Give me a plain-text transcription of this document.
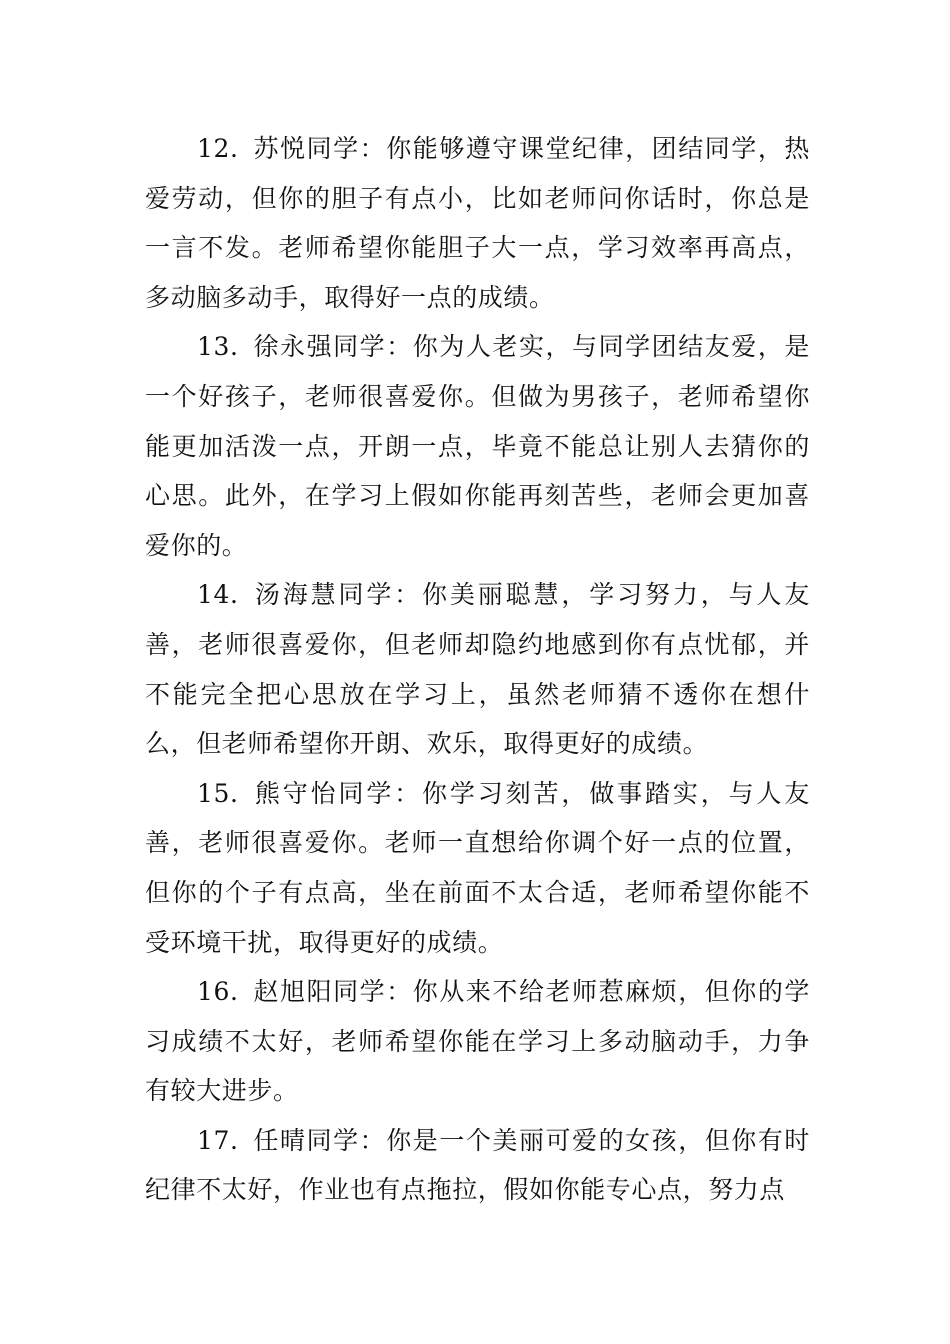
12. 苏悦同学：你能够遵守课堂纪律，团结同学，热爱劳动，但你的胆子有点小，比如老师问你话时，你总是一言不发。老师希望你能胆子大一点，学习效率再高点，多动脑多动手，取得好一点的成绩。

13. 徐永强同学：你为人老实，与同学团结友爱，是一个好孩子，老师很喜爱你。但做为男孩子，老师希望你能更加活泼一点，开朗一点，毕竟不能总让别人去猜你的心思。此外，在学习上假如你能再刻苦些，老师会更加喜爱你的。

14. 汤海慧同学：你美丽聪慧，学习努力，与人友善，老师很喜爱你，但老师却隐约地感到你有点忧郁，并不能完全把心思放在学习上，虽然老师猜不透你在想什么，但老师希望你开朗、欢乐，取得更好的成绩。

15. 熊守怡同学：你学习刻苦，做事踏实，与人友善，老师很喜爱你。老师一直想给你调个好一点的位置，但你的个子有点高，坐在前面不太合适，老师希望你能不受环境干扰，取得更好的成绩。

16. 赵旭阳同学：你从来不给老师惹麻烦，但你的学习成绩不太好，老师希望你能在学习上多动脑动手，力争有较大进步。

17. 任晴同学：你是一个美丽可爱的女孩，但你有时纪律不太好，作业也有点拖拉，假如你能专心点，努力点
